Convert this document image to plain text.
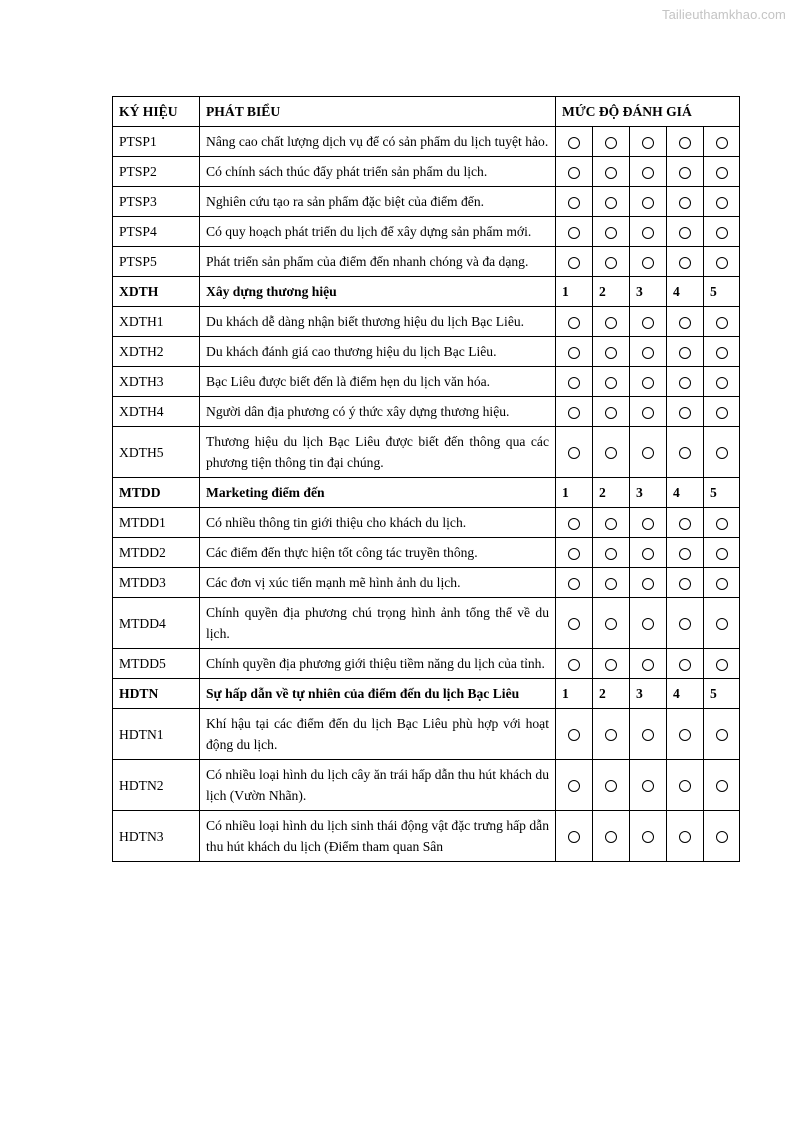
Tailieuthamkhao.com
KÝ HIỆU	PHÁT BIỂU	MỨC ĐỘ ĐÁNH GIÁ				
PTSP1	Nâng cao chất lượng dịch vụ để có sản phẩm du lịch tuyệt hảo.					
PTSP2	Có chính sách thúc đẩy phát triển sản phẩm du lịch.					
PTSP3	Nghiên cứu tạo ra sản phẩm đặc biệt của điểm đến.					
PTSP4	Có quy hoạch phát triển du lịch để xây dựng sản phẩm mới.					
PTSP5	Phát triển sản phẩm của điểm đến nhanh chóng và đa dạng.					
XDTH	Xây dựng thương hiệu	1	2	3	4	5
XDTH1	Du khách dễ dàng nhận biết thương hiệu du lịch Bạc Liêu.					
XDTH2	Du khách đánh giá cao thương hiệu du lịch Bạc Liêu.					
XDTH3	Bạc Liêu được biết đến là điểm hẹn du lịch văn hóa.					
XDTH4	Người dân địa phương có ý thức xây dựng thương hiệu.					
XDTH5	Thương hiệu du lịch Bạc Liêu được biết đến thông qua các phương tiện thông tin đại chúng.					
MTDD	Marketing điểm đến	1	2	3	4	5
MTDD1	Có nhiều thông tin giới thiệu cho khách du lịch.					
MTDD2	Các điểm đến thực hiện tốt công tác truyền thông.					
MTDD3	Các đơn vị xúc tiến mạnh mẽ hình ảnh du lịch.					
MTDD4	Chính quyền địa phương chú trọng hình ảnh tổng thể về du lịch.					
MTDD5	Chính quyền địa phương giới thiệu tiềm năng du lịch của tỉnh.					
HDTN	Sự hấp dẫn về tự nhiên của điểm đến du lịch Bạc Liêu	1	2	3	4	5
HDTN1	Khí hậu tại các điểm đến du lịch Bạc Liêu phù hợp với hoạt động du lịch.					
HDTN2	Có nhiều loại hình du lịch cây ăn trái hấp dẫn thu hút khách du lịch (Vườn Nhãn).					
HDTN3	Có nhiều loại hình du lịch sinh thái động vật đặc trưng hấp dẫn thu hút khách du lịch (Điểm tham quan Sân					
